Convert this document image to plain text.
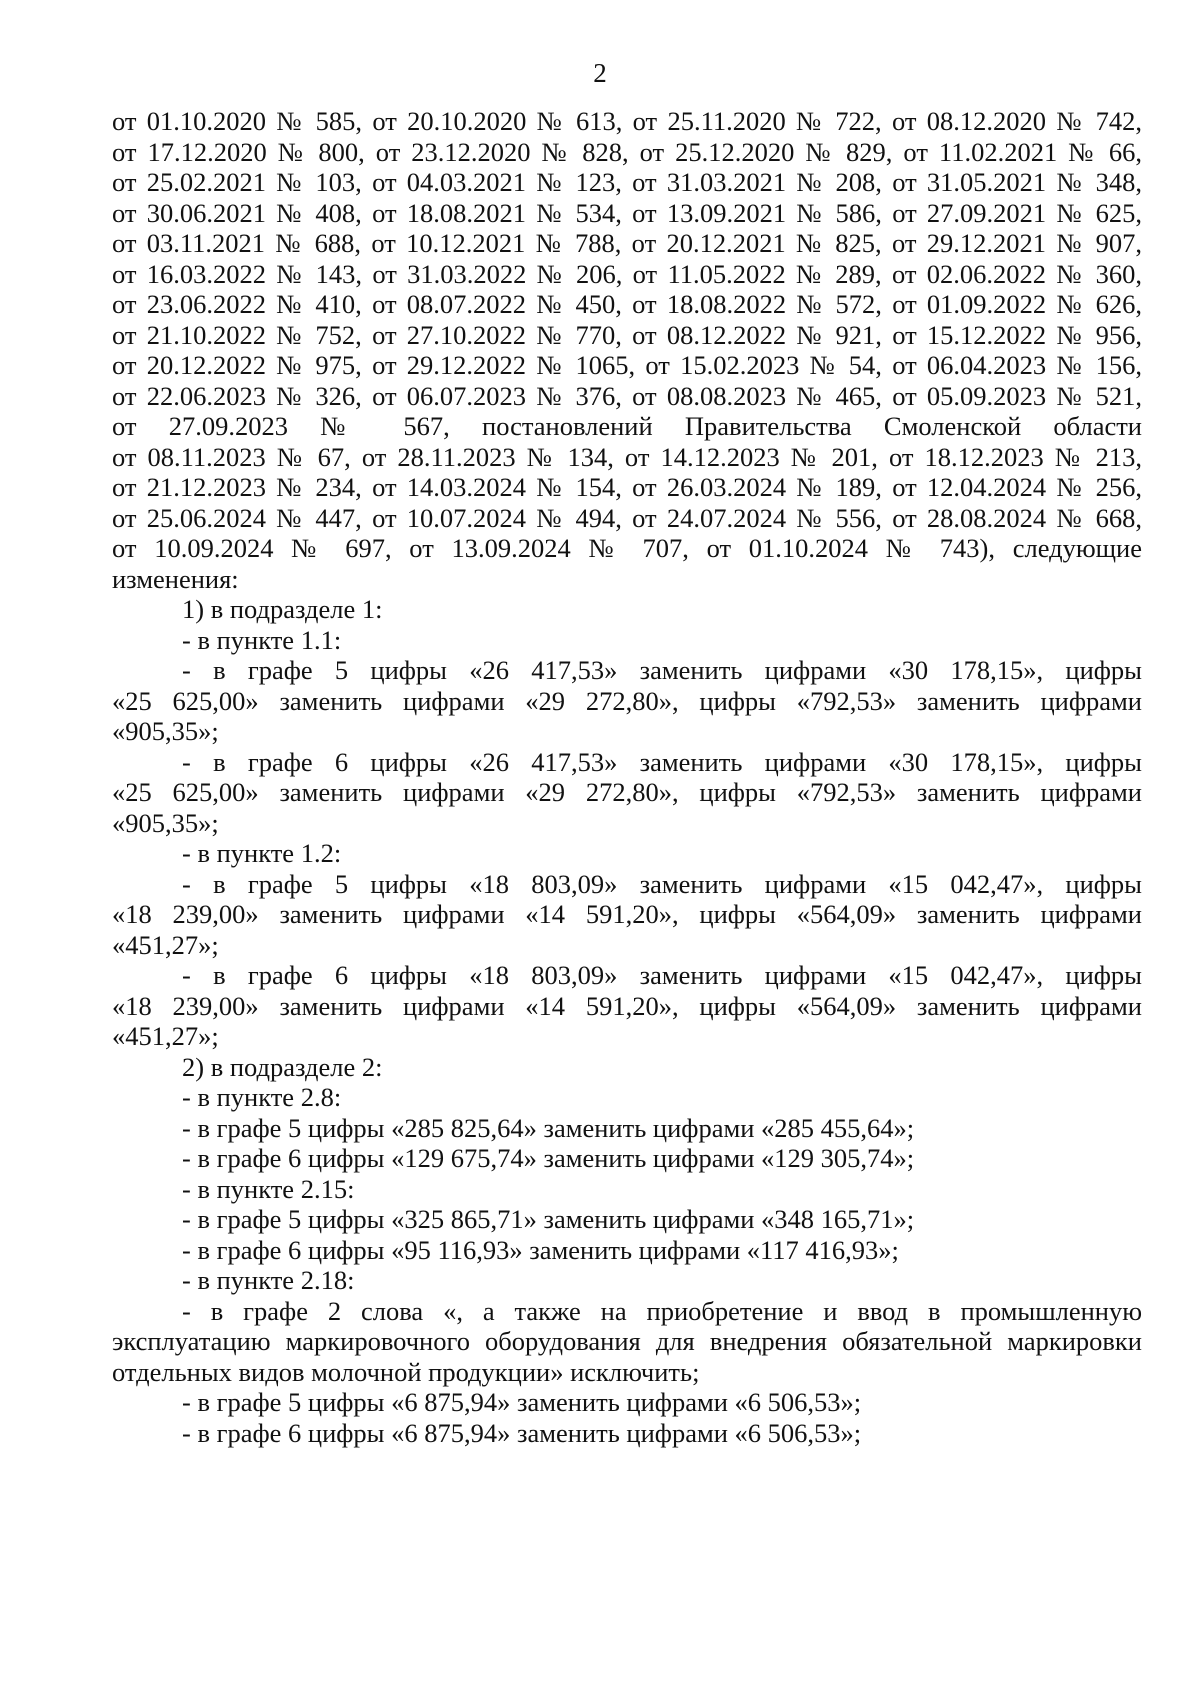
2
от 01.10.2020 № 585, от 20.10.2020 № 613, от 25.11.2020 № 722, от 08.12.2020 № 742,
от 17.12.2020 № 800, от 23.12.2020 № 828, от 25.12.2020 № 829, от 11.02.2021 № 66,
от 25.02.2021 № 103, от 04.03.2021 № 123, от 31.03.2021 № 208, от 31.05.2021 № 348,
от 30.06.2021 № 408, от 18.08.2021 № 534, от 13.09.2021 № 586, от 27.09.2021 № 625,
от 03.11.2021 № 688, от 10.12.2021 № 788, от 20.12.2021 № 825, от 29.12.2021 № 907,
от 16.03.2022 № 143, от 31.03.2022 № 206, от 11.05.2022 № 289, от 02.06.2022 № 360,
от 23.06.2022 № 410, от 08.07.2022 № 450, от 18.08.2022 № 572, от 01.09.2022 № 626,
от 21.10.2022 № 752, от 27.10.2022 № 770, от 08.12.2022 № 921, от 15.12.2022 № 956,
от 20.12.2022 № 975, от 29.12.2022 № 1065, от 15.02.2023 № 54, от 06.04.2023 № 156,
от 22.06.2023 № 326, от 06.07.2023 № 376, от 08.08.2023 № 465, от 05.09.2023 № 521,
от 27.09.2023 № 567, постановлений Правительства Смоленской области
от 08.11.2023 № 67, от 28.11.2023 № 134, от 14.12.2023 № 201, от 18.12.2023 № 213,
от 21.12.2023 № 234, от 14.03.2024 № 154, от 26.03.2024 № 189, от 12.04.2024 № 256,
от 25.06.2024 № 447, от 10.07.2024 № 494, от 24.07.2024 № 556, от 28.08.2024 № 668,
от 10.09.2024 № 697, от 13.09.2024 № 707, от 01.10.2024 № 743), следующие
изменения:
1) в подразделе 1:
- в пункте 1.1:
- в графе 5 цифры «26 417,53» заменить цифрами «30 178,15», цифры
«25 625,00» заменить цифрами «29 272,80», цифры «792,53» заменить цифрами
«905,35»;
- в графе 6 цифры «26 417,53» заменить цифрами «30 178,15», цифры
«25 625,00» заменить цифрами «29 272,80», цифры «792,53» заменить цифрами
«905,35»;
- в пункте 1.2:
- в графе 5 цифры «18 803,09» заменить цифрами «15 042,47», цифры
«18 239,00» заменить цифрами «14 591,20», цифры «564,09» заменить цифрами
«451,27»;
- в графе 6 цифры «18 803,09» заменить цифрами «15 042,47», цифры
«18 239,00» заменить цифрами «14 591,20», цифры «564,09» заменить цифрами
«451,27»;
2) в подразделе 2:
- в пункте 2.8:
- в графе 5 цифры «285 825,64» заменить цифрами «285 455,64»;
- в графе 6 цифры «129 675,74» заменить цифрами «129 305,74»;
- в пункте 2.15:
- в графе 5 цифры «325 865,71» заменить цифрами «348 165,71»;
- в графе 6 цифры «95 116,93» заменить цифрами «117 416,93»;
- в пункте 2.18:
- в графе 2 слова «, а также на приобретение и ввод в промышленную
эксплуатацию маркировочного оборудования для внедрения обязательной маркировки
отдельных видов молочной продукции» исключить;
- в графе 5 цифры «6 875,94» заменить цифрами «6 506,53»;
- в графе 6 цифры «6 875,94» заменить цифрами «6 506,53»;
